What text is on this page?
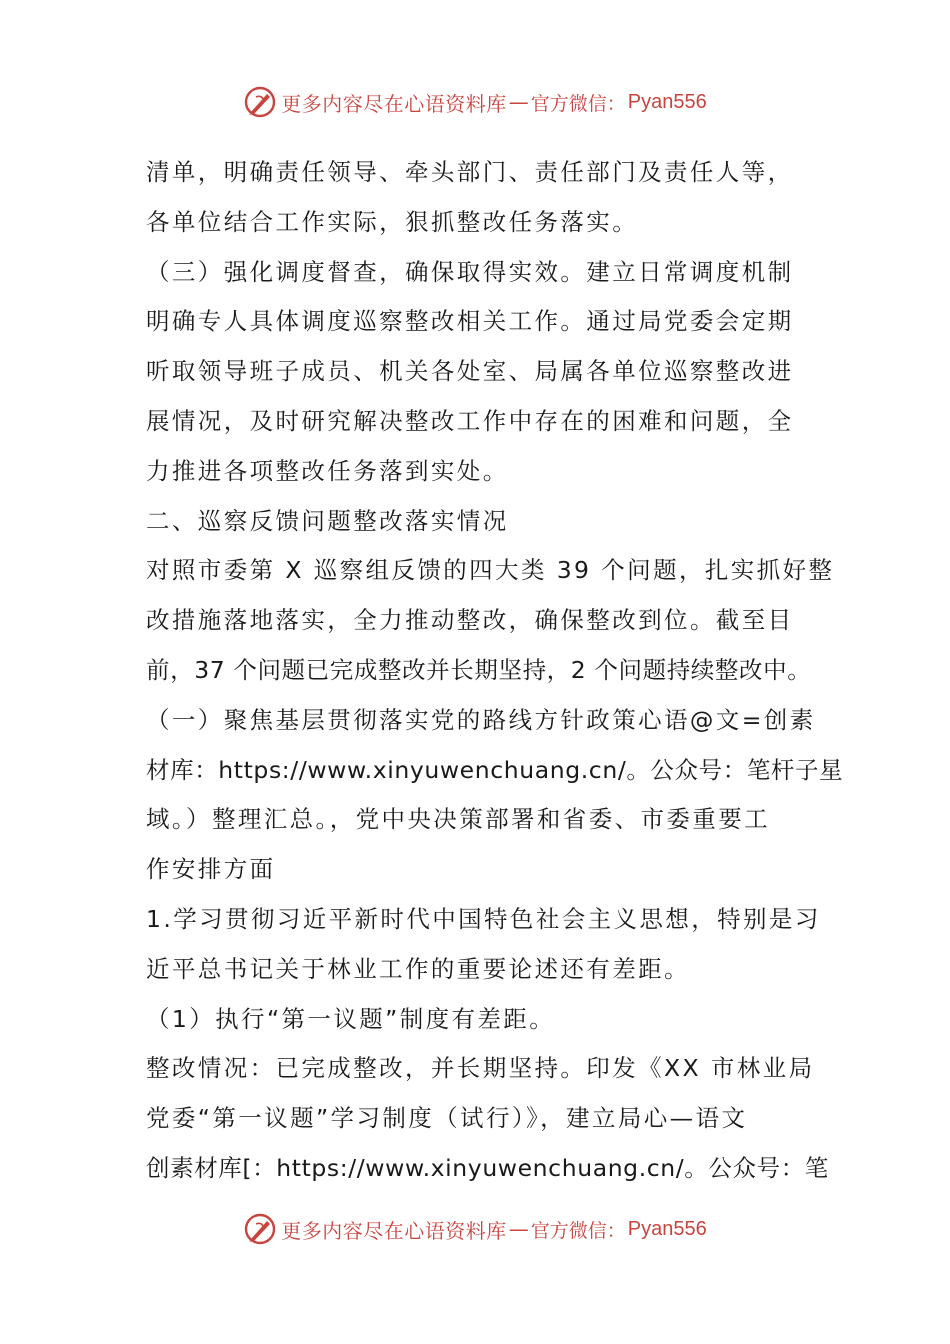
更多内容尽在心语资料库 — 官方微信： Pyan556
清单，明确责任领导、牵头部门、责任部门及责任人等，
各单位结合工作实际，狠抓整改任务落实。
（三）强化调度督查，确保取得实效。建立日常调度机制
明确专人具体调度巡察整改相关工作。通过局党委会定期
听取领导班子成员、机关各处室、局属各单位巡察整改进
展情况，及时研究解决整改工作中存在的困难和问题，全
力推进各项整改任务落到实处。
二、巡察反馈问题整改落实情况
对照市委第 X 巡察组反馈的四大类 39 个问题，扎实抓好整
改措施落地落实，全力推动整改，确保整改到位。截至目
前，37 个问题已完成整改并长期坚持，2 个问题持续整改中。
（一）聚焦基层贯彻落实党的路线方针政策心语@文=创素
材库：https://www.xinyuwenchuang.cn/。公众号：笔杆子星
域。）整理汇总。，党中央决策部署和省委、市委重要工
作安排方面
1.学习贯彻习近平新时代中国特色社会主义思想，特别是习
近平总书记关于林业工作的重要论述还有差距。
（1）执行“第一议题”制度有差距。
整改情况：已完成整改，并长期坚持。印发《XX 市林业局
党委“第一议题”学习制度（试行）》，建立局心—语文
创素材库[：https://www.xinyuwenchuang.cn/。公众号：笔
更多内容尽在心语资料库 — 官方微信： Pyan556
